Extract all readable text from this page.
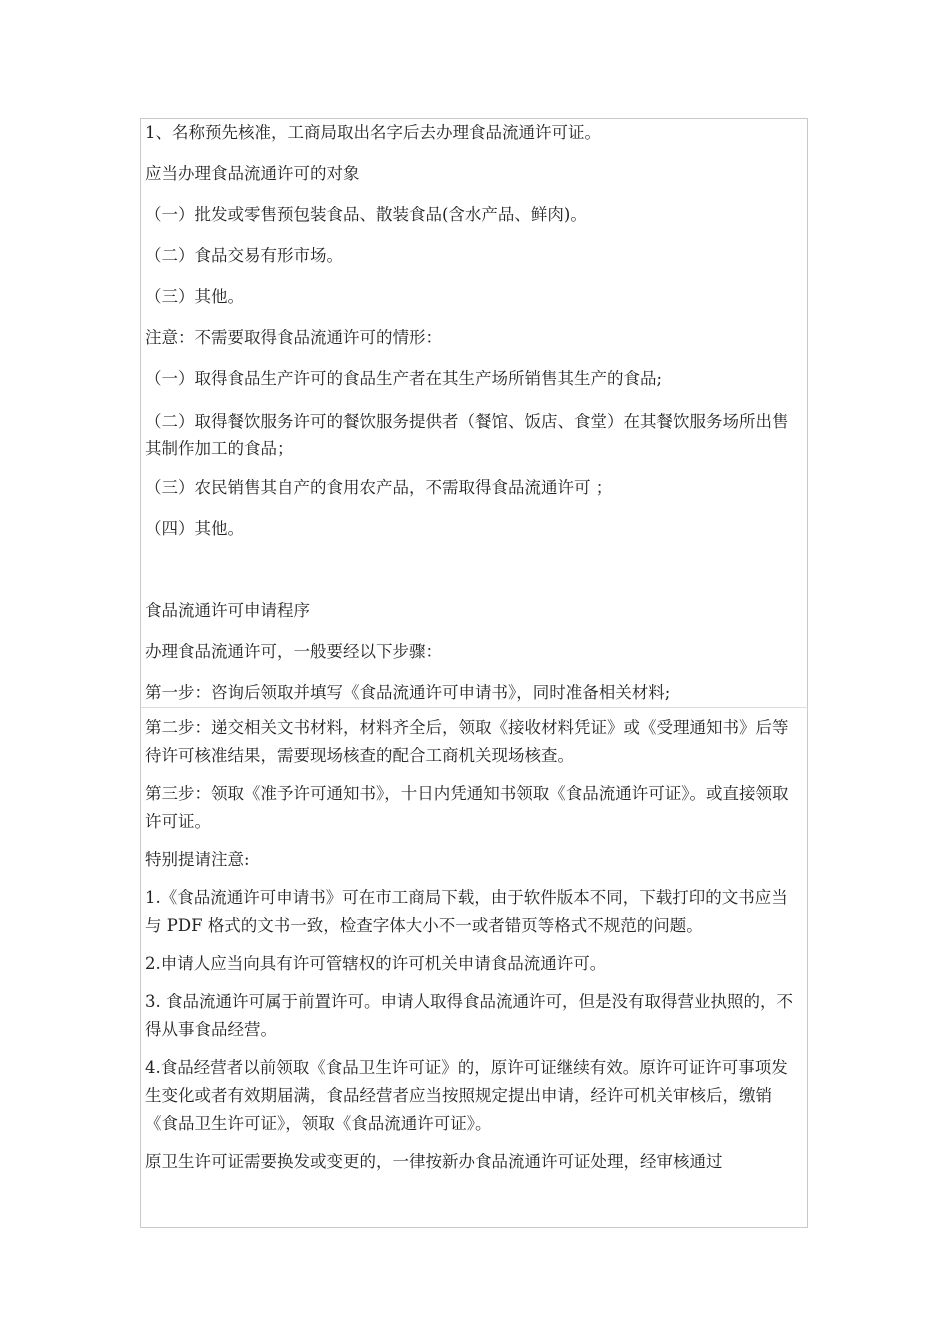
1、名称预先核准，工商局取出名字后去办理食品流通许可证。

应当办理食品流通许可的对象

（一）批发或零售预包装食品、散装食品(含水产品、鲜肉)。

（二）食品交易有形市场。

（三）其他。

注意：不需要取得食品流通许可的情形：

（一）取得食品生产许可的食品生产者在其生产场所销售其生产的食品;

（二）取得餐饮服务许可的餐饮服务提供者（餐馆、饭店、食堂）在其餐饮服务场所出售其制作加工的食品；

（三）农民销售其自产的食用农产品，不需取得食品流通许可 ；

（四）其他。

食品流通许可申请程序

办理食品流通许可，一般要经以下步骤：

第一步：咨询后领取并填写《食品流通许可申请书》，同时准备相关材料;

第二步：递交相关文书材料，材料齐全后，领取《接收材料凭证》或《受理通知书》后等待许可核准结果，需要现场核查的配合工商机关现场核查。

第三步：领取《准予许可通知书》，十日内凭通知书领取《食品流通许可证》。或直接领取许可证。

特别提请注意:

1.《食品流通许可申请书》可在市工商局下载，由于软件版本不同，下载打印的文书应当与 PDF 格式的文书一致，检查字体大小不一或者错页等格式不规范的问题。

2.申请人应当向具有许可管辖权的许可机关申请食品流通许可。

3. 食品流通许可属于前置许可。申请人取得食品流通许可，但是没有取得营业执照的，不得从事食品经营。

4.食品经营者以前领取《食品卫生许可证》的，原许可证继续有效。原许可证许可事项发生变化或者有效期届满，食品经营者应当按照规定提出申请，经许可机关审核后，缴销《食品卫生许可证》，领取《食品流通许可证》。

原卫生许可证需要换发或变更的，一律按新办食品流通许可证处理，经审核通过
